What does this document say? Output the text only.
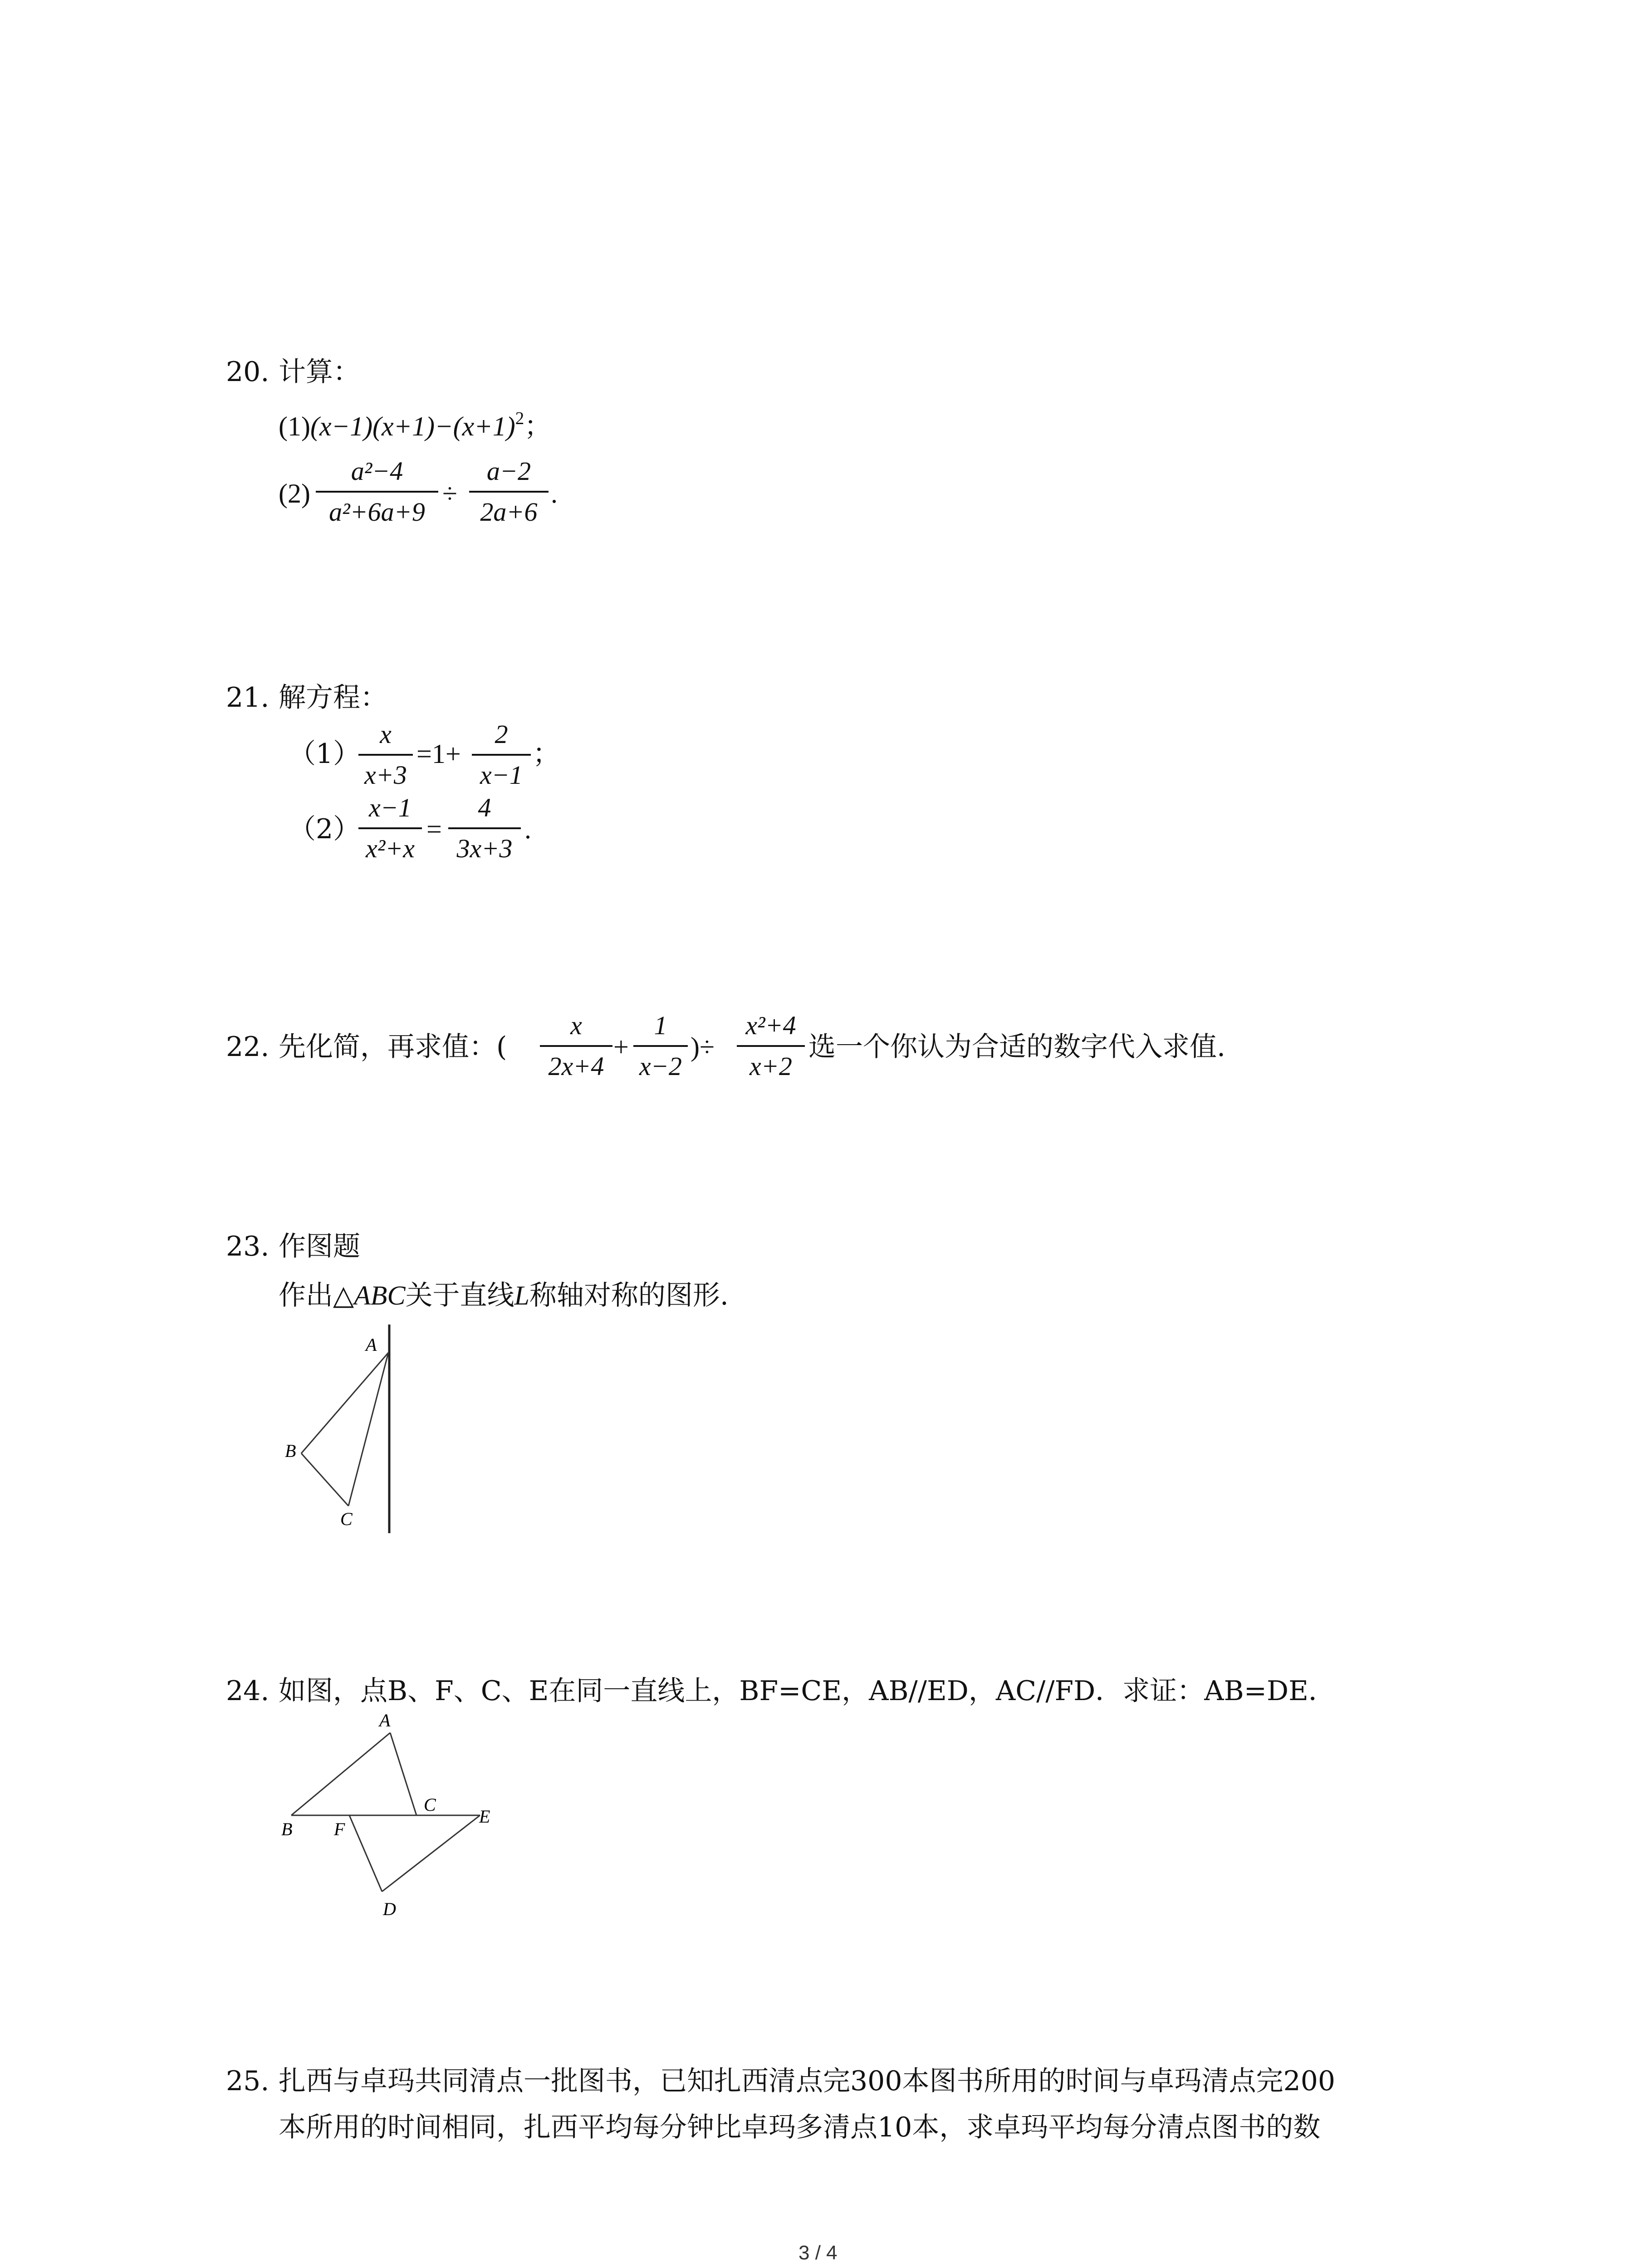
20. 计算：
$(1)(x-1)(x+1)-(x+1)^2$；
(2)
a²−4
a²+6a+9
÷
a−2
2a+6
.
21. 解方程：
（1）
x
x+3
=1+
2
x−1
；
（2）
x−1
x²+x
=
4
3x+3
.
22. 先化简，再求值：(
x
2x+4
+
1
x−2
)÷
x²+4
x+2
选一个你认为合适的数字代入求值.
23. 作图题
作出△ABC关于直线L称轴对称的图形.
A
B
C
24. 如图，点B、F、C、E在同一直线上，BF=CE，AB//ED，AC//FD．求证：AB=DE．
A
B F
C
E
D
25. 扎西与卓玛共同清点一批图书，已知扎西清点完300本图书所用的时间与卓玛清点完200
本所用的时间相同，扎西平均每分钟比卓玛多清点10本，求卓玛平均每分清点图书的数
3 / 4
